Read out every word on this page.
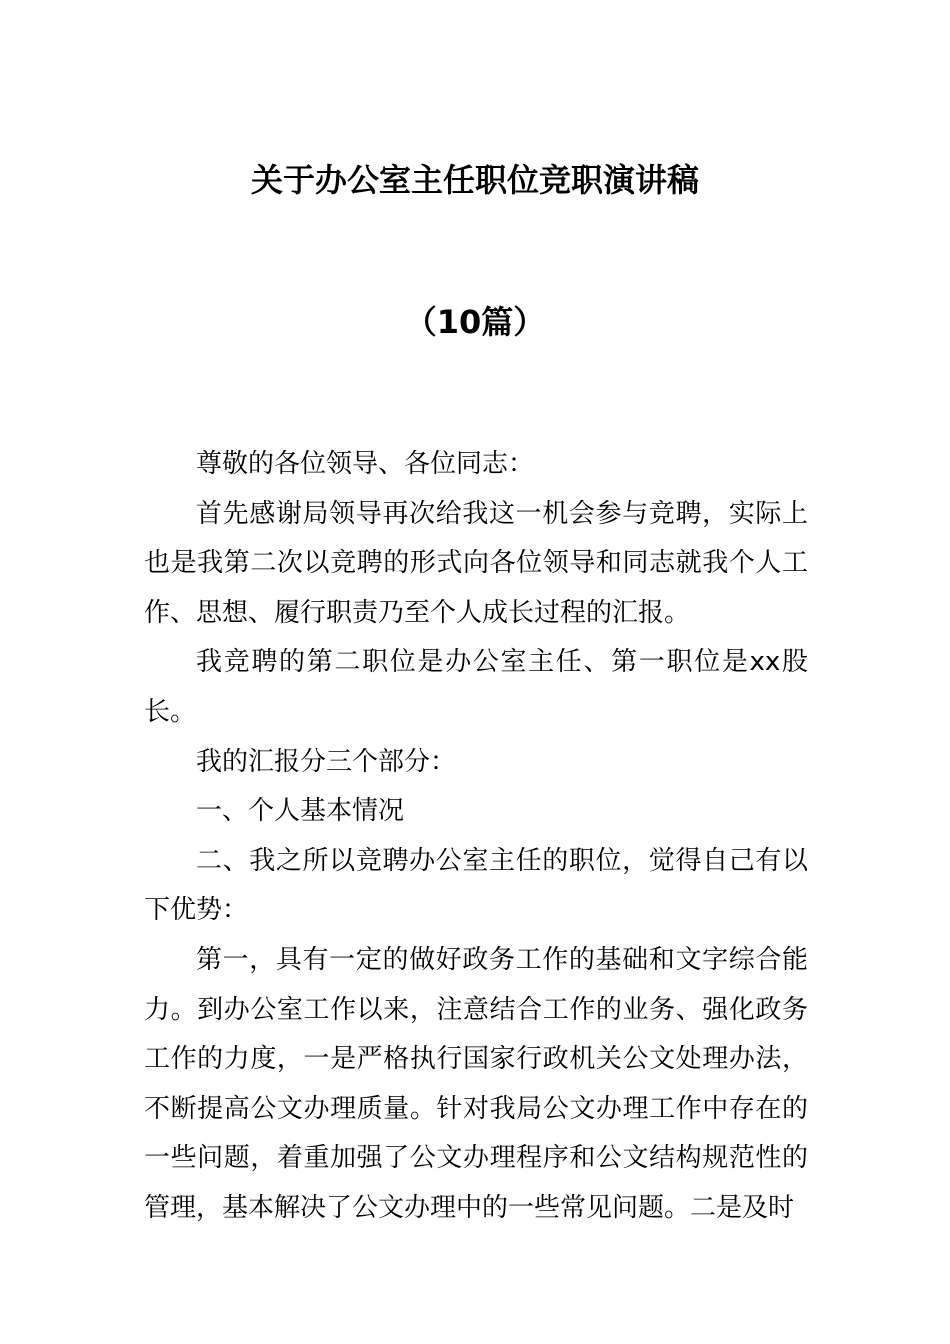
关于办公室主任职位竞职演讲稿
（10篇）

尊敬的各位领导、各位同志：

首先感谢局领导再次给我这一机会参与竞聘，实际上也是我第二次以竞聘的形式向各位领导和同志就我个人工作、思想、履行职责乃至个人成长过程的汇报。

我竞聘的第二职位是办公室主任、第一职位是xx股长。

我的汇报分三个部分：

一、个人基本情况

二、我之所以竞聘办公室主任的职位，觉得自己有以下优势：

第一，具有一定的做好政务工作的基础和文字综合能力。到办公室工作以来，注意结合工作的业务、强化政务工作的力度，一是严格执行国家行政机关公文处理办法，不断提高公文办理质量。针对我局公文办理工作中存在的一些问题，着重加强了公文办理程序和公文结构规范性的管理，基本解决了公文办理中的一些常见问题。二是及时
